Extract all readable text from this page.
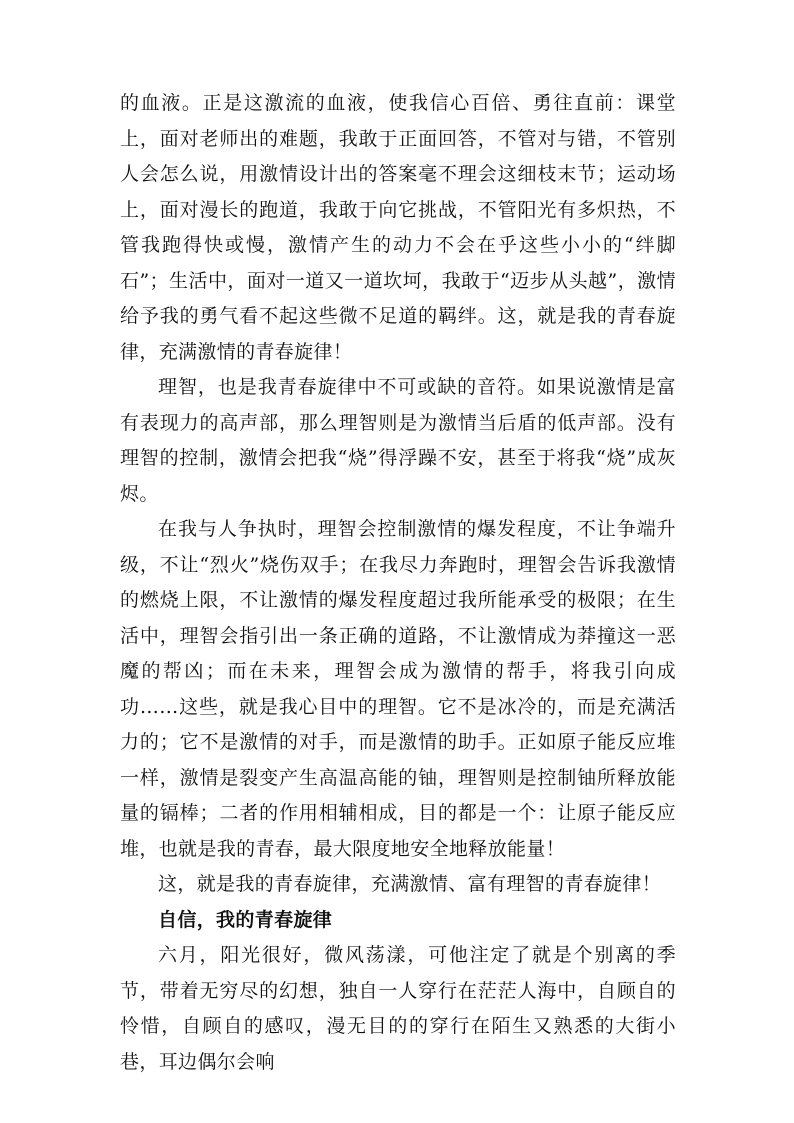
的血液。正是这激流的血液，使我信心百倍、勇往直前：课堂上，面对老师出的难题，我敢于正面回答，不管对与错，不管别人会怎么说，用激情设计出的答案毫不理会这细枝末节；运动场上，面对漫长的跑道，我敢于向它挑战，不管阳光有多炽热，不管我跑得快或慢，激情产生的动力不会在乎这些小小的“绊脚石”；生活中，面对一道又一道坎坷，我敢于“迈步从头越”，激情给予我的勇气看不起这些微不足道的羁绊。这，就是我的青春旋律，充满激情的青春旋律！

理智，也是我青春旋律中不可或缺的音符。如果说激情是富有表现力的高声部，那么理智则是为激情当后盾的低声部。没有理智的控制，激情会把我“烧”得浮躁不安，甚至于将我“烧”成灰烬。

在我与人争执时，理智会控制激情的爆发程度，不让争端升级，不让“烈火”烧伤双手；在我尽力奔跑时，理智会告诉我激情的燃烧上限，不让激情的爆发程度超过我所能承受的极限；在生活中，理智会指引出一条正确的道路，不让激情成为莽撞这一恶魔的帮凶；而在未来，理智会成为激情的帮手，将我引向成功……这些，就是我心目中的理智。它不是冰冷的，而是充满活力的；它不是激情的对手，而是激情的助手。正如原子能反应堆一样，激情是裂变产生高温高能的铀，理智则是控制铀所释放能量的镉棒；二者的作用相辅相成，目的都是一个：让原子能反应堆，也就是我的青春，最大限度地安全地释放能量！

这，就是我的青春旋律，充满激情、富有理智的青春旋律！

自信，我的青春旋律

六月，阳光很好，微风荡漾，可他注定了就是个别离的季节，带着无穷尽的幻想，独自一人穿行在茫茫人海中，自顾自的怜惜，自顾自的感叹，漫无目的的穿行在陌生又熟悉的大街小巷，耳边偶尔会响
